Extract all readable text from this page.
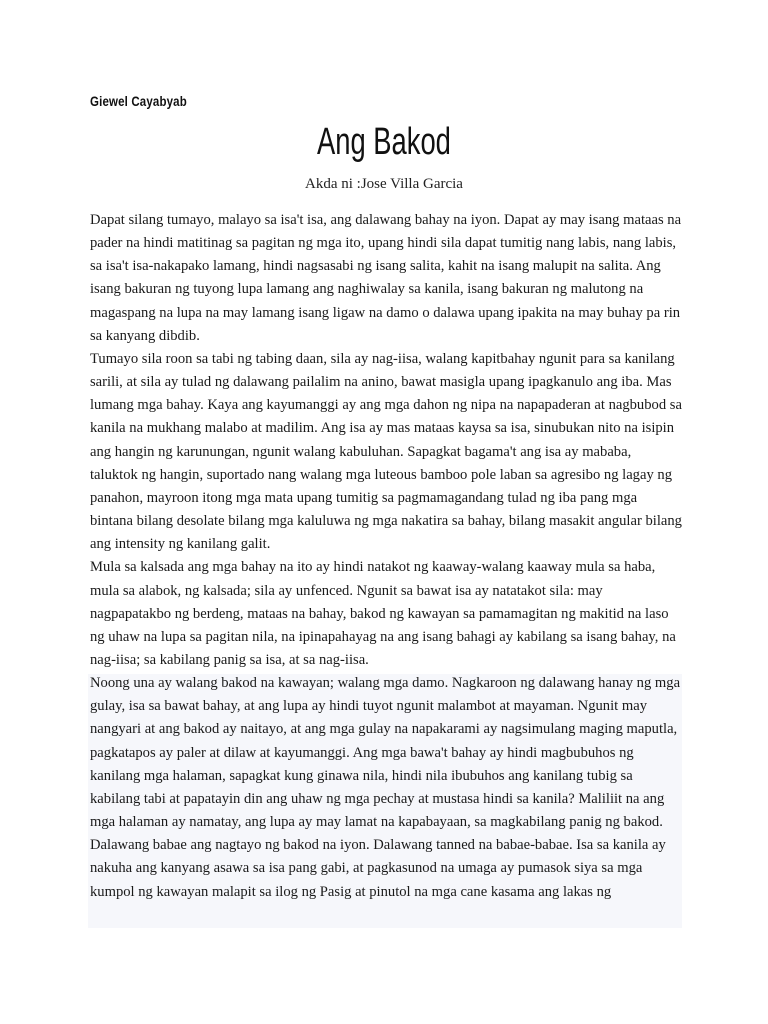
Giewel Cayabyab
Ang Bakod
Akda ni :Jose Villa Garcia

Dapat silang tumayo, malayo sa isa't isa, ang dalawang bahay na iyon. Dapat ay may isang mataas na pader na hindi matitinag sa pagitan ng mga ito, upang hindi sila dapat tumitig nang labis, nang labis, sa isa't isa-nakapako lamang, hindi nagsasabi ng isang salita, kahit na isang malupit na salita. Ang isang bakuran ng tuyong lupa lamang ang naghiwalay sa kanila, isang bakuran ng malutong na magaspang na lupa na may lamang isang ligaw na damo o dalawa upang ipakita na may buhay pa rin sa kanyang dibdib.

Tumayo sila roon sa tabi ng tabing daan, sila ay nag-iisa, walang kapitbahay ngunit para sa kanilang sarili, at sila ay tulad ng dalawang pailalim na anino, bawat masigla upang ipagkanulo ang iba. Mas lumang mga bahay. Kaya ang kayumanggi ay ang mga dahon ng nipa na napapaderan at nagbubod sa kanila na mukhang malabo at madilim. Ang isa ay mas mataas kaysa sa isa, sinubukan nito na isipin ang hangin ng karunungan, ngunit walang kabuluhan. Sapagkat bagama't ang isa ay mababa, taluktok ng hangin, suportado nang walang mga luteous bamboo pole laban sa agresibo ng lagay ng panahon, mayroon itong mga mata upang tumitig sa pagmamagandang tulad ng iba pang mga bintana bilang desolate bilang mga kaluluwa ng mga nakatira sa bahay, bilang masakit angular bilang ang intensity ng kanilang galit.

Mula sa kalsada ang mga bahay na ito ay hindi natakot ng kaaway-walang kaaway mula sa haba, mula sa alabok, ng kalsada; sila ay unfenced. Ngunit sa bawat isa ay natatakot sila: may nagpapatakbo ng berdeng, mataas na bahay, bakod ng kawayan sa pamamagitan ng makitid na laso ng uhaw na lupa sa pagitan nila, na ipinapahayag na ang isang bahagi ay kabilang sa isang bahay, na nag-iisa; sa kabilang panig sa isa, at sa nag-iisa.

Noong una ay walang bakod na kawayan; walang mga damo. Nagkaroon ng dalawang hanay ng mga gulay, isa sa bawat bahay, at ang lupa ay hindi tuyot ngunit malambot at mayaman. Ngunit may nangyari at ang bakod ay naitayo, at ang mga gulay na napakarami ay nagsimulang maging maputla, pagkatapos ay paler at dilaw at kayumanggi. Ang mga bawa't bahay ay hindi magbubuhos ng kanilang mga halaman, sapagkat kung ginawa nila, hindi nila ibubuhos ang kanilang tubig sa kabilang tabi at papatayin din ang uhaw ng mga pechay at mustasa hindi sa kanila? Maliliit na ang mga halaman ay namatay, ang lupa ay may lamat na kapabayaan, sa magkabilang panig ng bakod.

Dalawang babae ang nagtayo ng bakod na iyon. Dalawang tanned na babae-babae. Isa sa kanila ay nakuha ang kanyang asawa sa isa pang gabi, at pagkasunod na umaga ay pumasok siya sa mga kumpol ng kawayan malapit sa ilog ng Pasig at pinutol na mga cane kasama ang lakas ng
